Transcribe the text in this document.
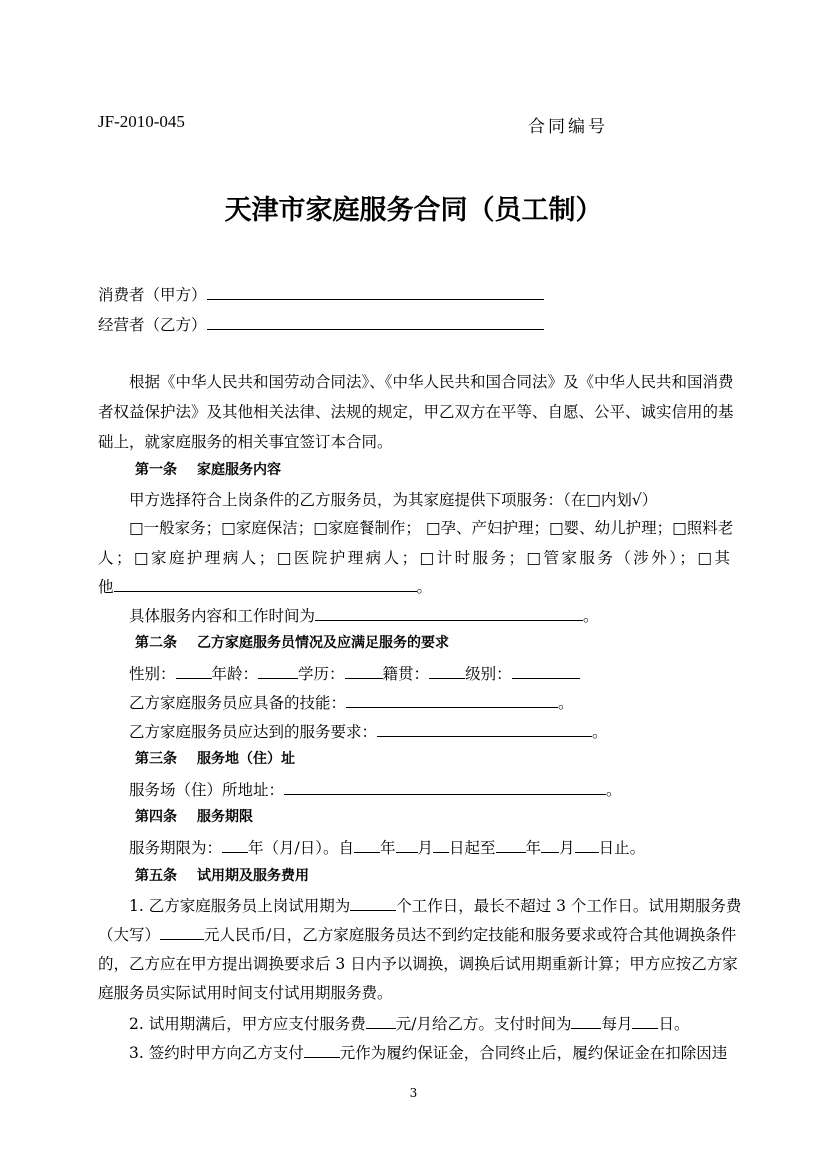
JF-2010-045	合同编号
天津市家庭服务合同（员工制）
消费者（甲方）
经营者（乙方）
根据《中华人民共和国劳动合同法》、《中华人民共和国合同法》及《中华人民共和国消费
者权益保护法》及其他相关法律、法规的规定，甲乙双方在平等、自愿、公平、诚实信用的基
础上，就家庭服务的相关事宜签订本合同。
第一条 家庭服务内容
甲方选择符合上岗条件的乙方服务员，为其家庭提供下项服务：（在□内划√）
□一般家务；□家庭保洁；□家庭餐制作； □孕、产妇护理；□婴、幼儿护理；□照料老
人；□家庭护理病人；□医院护理病人；□计时服务；□管家服务（涉外）；□其
他	。
具体服务内容和工作时间为	。
第二条 乙方家庭服务员情况及应满足服务的要求
性别： 年龄：	学历： 籍贯： 级别：
乙方家庭服务员应具备的技能：	。
乙方家庭服务员应达到的服务要求：	。
第三条 服务地（住）址
服务场（住）所地址：	。
第四条 服务期限
服务期限为： 年（月/日）。自 年 月 日起至 年 月 日止。
第五条 试用期及服务费用
1. 乙方家庭服务员上岗试用期为	个工作日，最长不超过 3 个工作日。试用期服务费
（大写）	元人民币/日，乙方家庭服务员达不到约定技能和服务要求或符合其他调换条件
的，乙方应在甲方提出调换要求后 3 日内予以调换，调换后试用期重新计算；甲方应按乙方家
庭服务员实际试用时间支付试用期服务费。
2. 试用期满后，甲方应支付服务费 元/月给乙方。支付时间为 每月 日。
3. 签约时甲方向乙方支付 元作为履约保证金，合同终止后，履约保证金在扣除因违
3
